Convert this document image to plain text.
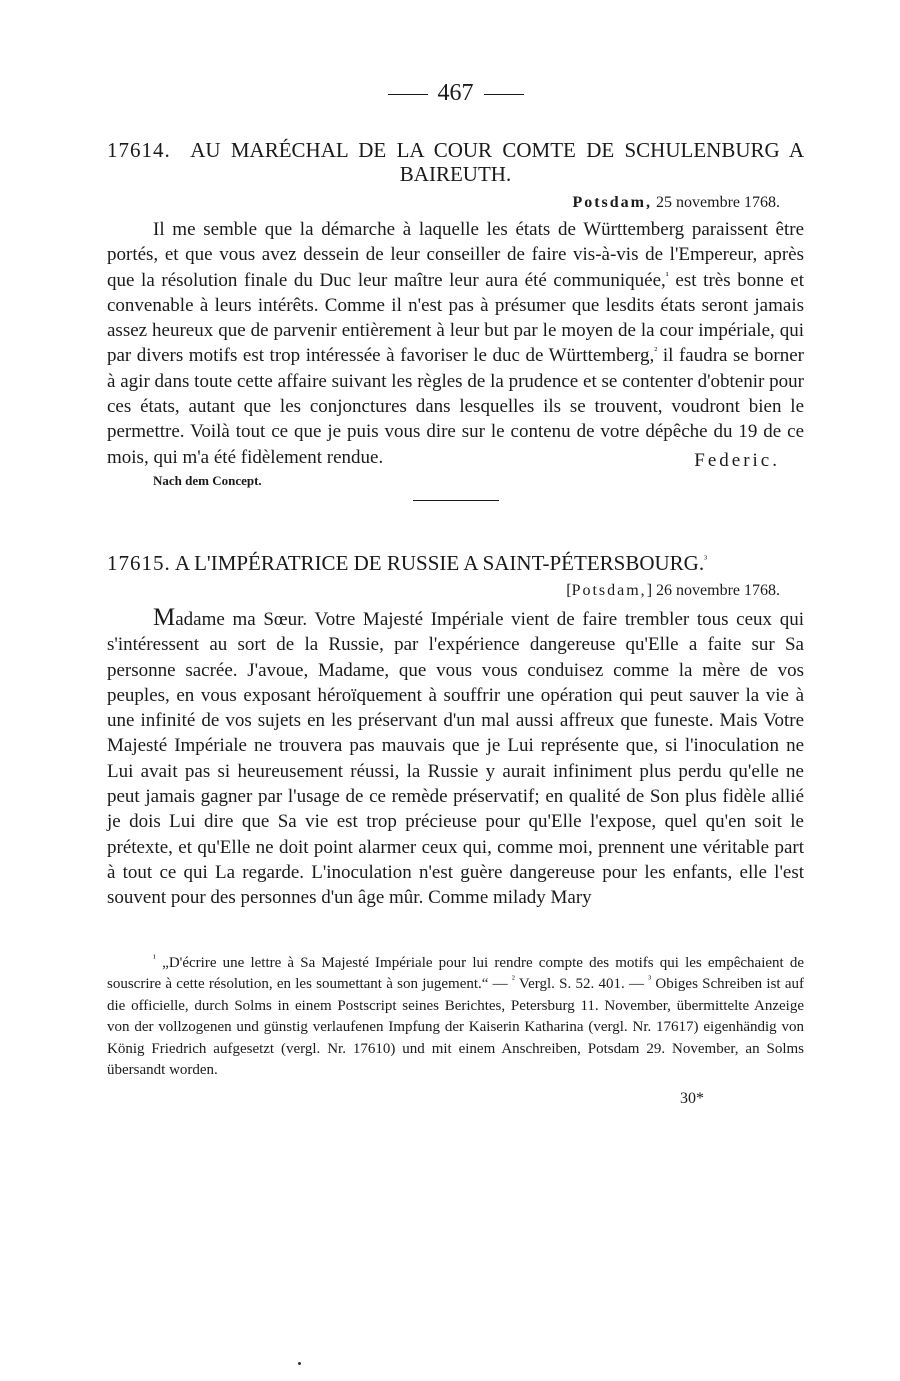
467

17614. AU MARÉCHAL DE LA COUR COMTE DE SCHULENBURG A BAIREUTH.

Potsdam, 25 novembre 1768.

Il me semble que la démarche à laquelle les états de Württemberg paraissent être portés, et que vous avez dessein de leur conseiller de faire vis-à-vis de l'Empereur, après que la résolution finale du Duc leur maître leur aura été communiquée,$^{^1}$ est très bonne et convenable à leurs intérêts. Comme il n'est pas à présumer que lesdits états seront jamais assez heureux que de parvenir entièrement à leur but par le moyen de la cour impériale, qui par divers motifs est trop intéressée à favoriser le duc de Württemberg,$^{^2}$ il faudra se borner à agir dans toute cette affaire suivant les règles de la prudence et se contenter d'obtenir pour ces états, autant que les conjonctures dans lesquelles ils se trouvent, voudront bien le permettre. Voilà tout ce que je puis vous dire sur le contenu de votre dépêche du 19 de ce mois, qui m'a été fidèlement rendue.	Federic.
Nach dem Concept.

17615. A L'IMPÉRATRICE DE RUSSIE A SAINT-PÉTERSBOURG.$^{^3}$

[Potsdam,] 26 novembre 1768.

Madame ma Sœur. Votre Majesté Impériale vient de faire trembler tous ceux qui s'intéressent au sort de la Russie, par l'expérience dangereuse qu'Elle a faite sur Sa personne sacrée. J'avoue, Madame, que vous vous conduisez comme la mère de vos peuples, en vous exposant héroïquement à souffrir une opération qui peut sauver la vie à une infinité de vos sujets en les préservant d'un mal aussi affreux que funeste. Mais Votre Majesté Impériale ne trouvera pas mauvais que je Lui représente que, si l'inoculation ne Lui avait pas si heureusement réussi, la Russie y aurait infiniment plus perdu qu'elle ne peut jamais gagner par l'usage de ce remède préservatif; en qualité de Son plus fidèle allié je dois Lui dire que Sa vie est trop précieuse pour qu'Elle l'expose, quel qu'en soit le prétexte, et qu'Elle ne doit point alarmer ceux qui, comme moi, prennent une véritable part à tout ce qui La regarde. L'inoculation n'est guère dangereuse pour les enfants, elle l'est souvent pour des personnes d'un âge mûr. Comme milady Mary

$^{^1}$ „D'écrire une lettre à Sa Majesté Impériale pour lui rendre compte des motifs qui les empêchaient de souscrire à cette résolution, en les soumettant à son jugement.“ — $^{^2}$ Vergl. S. 52. 401. — $^{^3}$ Obiges Schreiben ist auf die officielle, durch Solms in einem Postscript seines Berichtes, Petersburg 11. November, übermittelte Anzeige von der vollzogenen und günstig verlaufenen Impfung der Kaiserin Katharina (vergl. Nr. 17617) eigenhändig von König Friedrich aufgesetzt (vergl. Nr. 17610) und mit einem Anschreiben, Potsdam 29. November, an Solms übersandt worden.

30*
